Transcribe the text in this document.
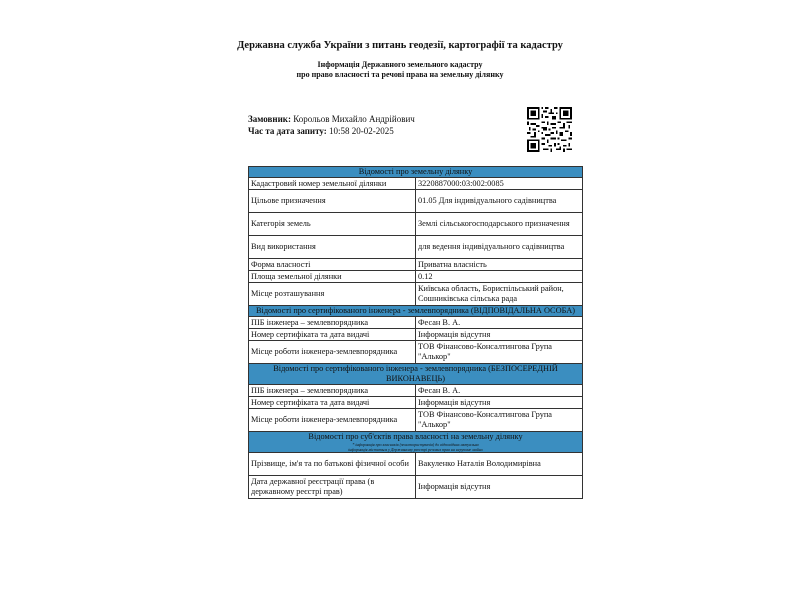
Державна служба України з питань геодезії, картографії та кадастру
Інформація Державного земельного кадастру
про право власності та речові права на земельну ділянку
Замовник: Корольов Михайло Андрійович
Час та дата запиту: 10:58 20-02-2025
Відомості про земельну ділянку	
Кадастровий номер земельної ділянки	3220887000:03:002:0085
Цільове призначення	01.05 Для індивідуального садівництва
Категорія земель	Землі сільськогосподарського призначення
Вид використання	для ведення індивідуального садівництва
Форма власності	Приватна власність
Площа земельної ділянки	0.12
Місце розташування	Київська область, Бориспільський район, Сошниківська сільська рада
Відомості про сертифікованого інженера - землевпорядника (ВІДПОВІДАЛЬНА ОСОБА)	
ПІБ інженера – землевпорядника	Фесан В. А.
Номер сертифіката та дата видачі	Інформація відсутня
Місце роботи інженера-землевпорядника	ТОВ Фінансово-Консалтингова Група "Алькор"
Відомості про сертифікованого інженера - землевпорядника (БЕЗПОСЕРЕДНІЙ ВИКОНАВЕЦЬ)	
ПІБ інженера – землевпорядника	Фесан В. А.
Номер сертифіката та дата видачі	Інформація відсутня
Місце роботи інженера-землевпорядника	ТОВ Фінансово-Консалтингова Група "Алькор"
Відомості про суб'єктів права власності на земельну ділянку
* інформація про власників (землекористувачів) до відповідних актуальна
інформація міститься у Державному реєстрі речових прав на нерухоме майно	

Прізвище, ім'я та по батькові фізичної особи	Вакуленко Наталія Володимирівна
Дата державної реєстрації права (в державному реєстрі прав)	Інформація відсутня
